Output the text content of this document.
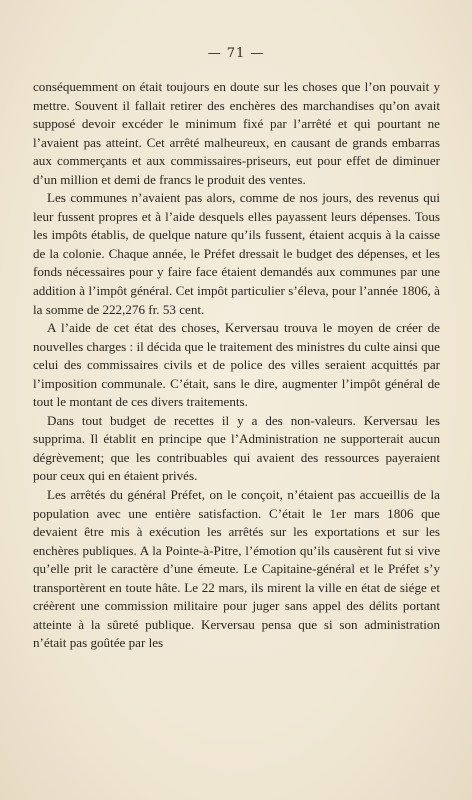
— 71 —

conséquemment on était toujours en doute sur les choses que l’on pouvait y mettre. Souvent il fallait retirer des enchères des marchandises qu’on avait supposé devoir excéder le minimum fixé par l’arrêté et qui pourtant ne l’avaient pas atteint. Cet arrêté malheureux, en causant de grands embarras aux commerçants et aux commissaires-priseurs, eut pour effet de diminuer d’un million et demi de francs le produit des ventes.

Les communes n’avaient pas alors, comme de nos jours, des revenus qui leur fussent propres et à l’aide desquels elles payassent leurs dépenses. Tous les impôts établis, de quelque nature qu’ils fussent, étaient acquis à la caisse de la colonie. Chaque année, le Préfet dressait le budget des dépenses, et les fonds nécessaires pour y faire face étaient demandés aux communes par une addition à l’impôt général. Cet impôt particulier s’éleva, pour l’année 1806, à la somme de 222,276 fr. 53 cent.

A l’aide de cet état des choses, Kerversau trouva le moyen de créer de nouvelles charges : il décida que le traitement des ministres du culte ainsi que celui des commissaires civils et de police des villes seraient acquittés par l’imposition communale. C’était, sans le dire, augmenter l’impôt général de tout le montant de ces divers traitements.

Dans tout budget de recettes il y a des non-valeurs. Kerversau les supprima. Il établit en principe que l’Administration ne supporterait aucun dégrèvement; que les contribuables qui avaient des ressources payeraient pour ceux qui en étaient privés.

Les arrêtés du général Préfet, on le conçoit, n’étaient pas accueillis de la population avec une entière satisfaction. C’était le 1er mars 1806 que devaient être mis à exécution les arrêtés sur les exportations et sur les enchères publiques. A la Pointe-à-Pitre, l’émotion qu’ils causèrent fut si vive qu’elle prit le caractère d’une émeute. Le Capitaine-général et le Préfet s’y transportèrent en toute hâte. Le 22 mars, ils mirent la ville en état de siége et créèrent une commission militaire pour juger sans appel des délits portant atteinte à la sûreté publique. Kerversau pensa que si son administration n’était pas goûtée par les
